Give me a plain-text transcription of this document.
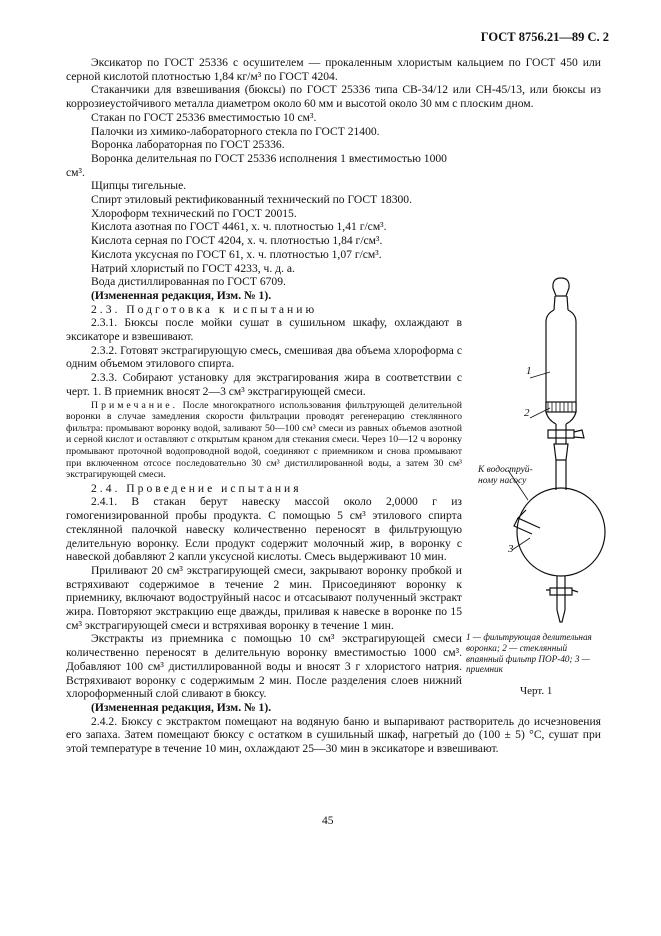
ГОСТ 8756.21—89 С. 2

Эксикатор по ГОСТ 25336 с осушителем — прокаленным хлористым кальцием по ГОСТ 450 или серной кислотой плотностью 1,84 кг/м³ по ГОСТ 4204.

Стаканчики для взвешивания (бюксы) по ГОСТ 25336 типа СВ-34/12 или СН-45/13, или бюксы из коррозиеустойчивого металла диаметром около 60 мм и высотой около 30 мм с плоским дном.

Стакан по ГОСТ 25336 вместимостью 10 см³.

Палочки из химико-лабораторного стекла по ГОСТ 21400.

Воронка лабораторная по ГОСТ 25336.

Воронка делительная по ГОСТ 25336 исполнения 1 вместимостью 1000 см³.

Щипцы тигельные.

Спирт этиловый ректификованный технический по ГОСТ 18300.

Хлороформ технический по ГОСТ 20015.

Кислота азотная по ГОСТ 4461, х. ч. плотностью 1,41 г/см³.

Кислота серная по ГОСТ 4204, х. ч. плотностью 1,84 г/см³.

Кислота уксусная по ГОСТ 61, х. ч. плотностью 1,07 г/см³.

Натрий хлористый по ГОСТ 4233, ч. д. а.

Вода дистиллированная по ГОСТ 6709.

(Измененная редакция, Изм. № 1).

2.3. Подготовка к испытанию

2.3.1. Бюксы после мойки сушат в сушильном шкафу, охлаждают в эксикаторе и взвешивают.

2.3.2. Готовят экстрагирующую смесь, смешивая два объема хлороформа с одним объемом этилового спирта.

2.3.3. Собирают установку для экстрагирования жира в соответствии с черт. 1. В приемник вносят 2—3 см³ экстрагирующей смеси.

Примечание. После многократного использования фильтрующей делительной воронки в случае замедления скорости фильтрации проводят регенерацию стеклянного фильтра: промывают воронку водой, заливают 50—100 см³ смеси из равных объемов азотной и серной кислот и оставляют с открытым краном для стекания смеси. Через 10—12 ч воронку промывают проточной водопроводной водой, соединяют с приемником и снова промывают при включенном отсосе последовательно 30 см³ дистиллированной воды, а затем 30 см³ экстрагирующей смеси.

2.4. Проведение испытания

2.4.1. В стакан берут навеску массой около 2,0000 г из гомогенизированной пробы продукта. С помощью 5 см³ этилового спирта стеклянной палочкой навеску количественно переносят в фильтрующую делительную воронку. Если продукт содержит молочный жир, в воронку с навеской добавляют 2 капли уксусной кислоты. Смесь выдерживают 10 мин.

Приливают 20 см³ экстрагирующей смеси, закрывают воронку пробкой и встряхивают содержимое в течение 2 мин. Присоединяют воронку к приемнику, включают водоструйный насос и отсасывают полученный экстракт жира. Повторяют экстракцию еще дважды, приливая к навеске в воронке по 15 см³ экстрагирующей смеси и встряхивая воронку в течение 1 мин.

Экстракты из приемника с помощью 10 см³ экстрагирующей смеси количественно переносят в делительную воронку вместимостью 1000 см³. Добавляют 100 см³ дистиллированной воды и вносят 3 г хлористого натрия. Встряхивают воронку с содержимым 2 мин. После разделения слоев нижний хлороформенный слой сливают в бюксу.

(Измененная редакция, Изм. № 1).

2.4.2. Бюксу с экстрактом помещают на водяную баню и выпаривают растворитель до исчезновения его запаха. Затем помещают бюксу с остатком в сушильный шкаф, нагретый до (100 ± 5) °С, сушат при этой температуре в течение 10 мин, охлаждают 25—30 мин в эксикаторе и взвешивают.

1
2
3
К водоструй-ному насосу
1 — фильтрующая делительная воронка; 2 — стеклянный впаянный фильтр ПОР-40; 3 — приемник
Черт. 1
45
